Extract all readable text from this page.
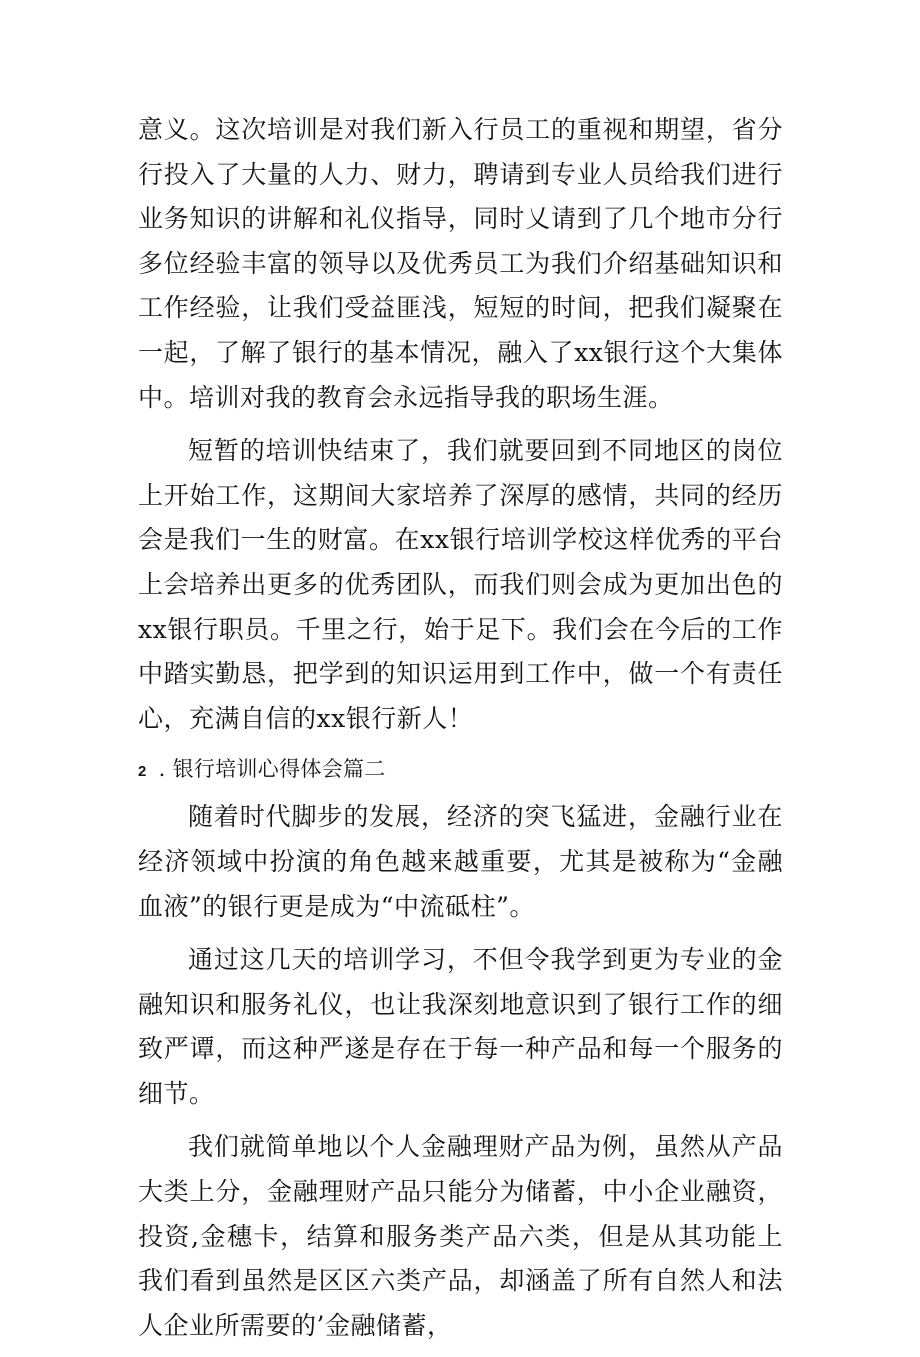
意义。这次培训是对我们新入行员工的重视和期望，省分行投入了大量的人力、财力，聘请到专业人员给我们进行业务知识的讲解和礼仪指导，同时乂请到了几个地市分行多位经验丰富的领导以及优秀员工为我们介绍基础知识和工作经验，让我们受益匪浅，短短的时间，把我们凝聚在一起，了解了银行的基本情况，融入了xx银行这个大集体中。培训对我的教育会永远指导我的职场生涯。

短暂的培训快结束了，我们就要回到不同地区的岗位上开始工作，这期间大家培养了深厚的感情，共同的经历会是我们一生的财富。在xx银行培训学校这样优秀的平台上会培养出更多的优秀团队，而我们则会成为更加出色的xx银行职员。千里之行，始于足下。我们会在今后的工作中踏实勤恳，把学到的知识运用到工作中，做一个有责任心，充满自信的xx银行新人！

2 . 银行培训心得体会篇二

随着时代脚步的发展，经济的突飞猛进，金融行业在经济领域中扮演的角色越来越重要，尤其是被称为“金融血液”的银行更是成为“中流砥柱”。

通过这几天的培训学习，不但令我学到更为专业的金融知识和服务礼仪，也让我深刻地意识到了银行工作的细致严谭，而这种严遂是存在于每一种产品和每一个服务的细节。

我们就简单地以个人金融理财产品为例，虽然从产品大类上分，金融理财产品只能分为储蓄，中小企业融资，投资,金穗卡，结算和服务类产品六类，但是从其功能上我们看到虽然是区区六类产品，却涵盖了所有自然人和法人企业所需要的’金融储蓄，
